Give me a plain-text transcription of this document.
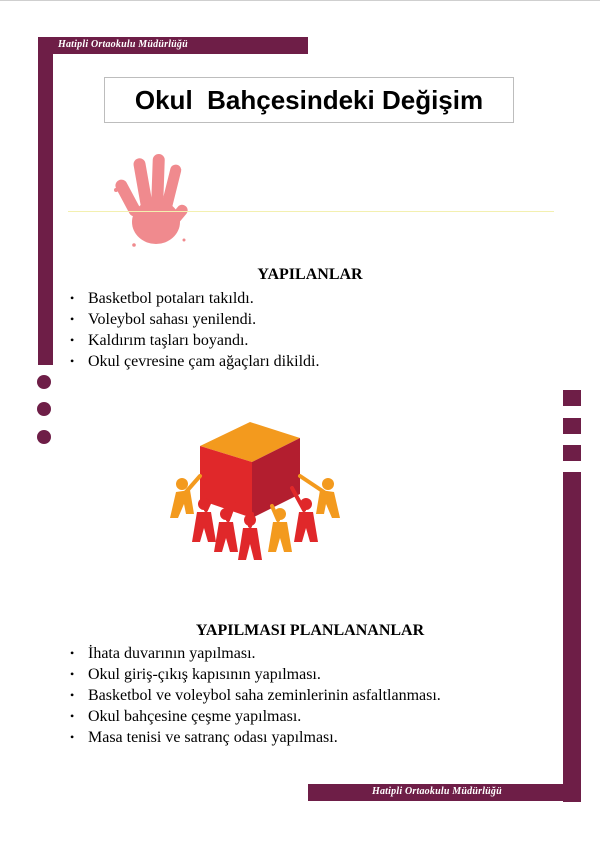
Hatipli Ortaokulu Müdürlüğü
Hatipli Ortaokulu Müdürlüğü
Okul  Bahçesindeki Değişim
YAPILANLAR
• Basketbol potaları takıldı.
• Voleybol sahası yenilendi.
• Kaldırım taşları boyandı.
• Okul çevresine çam ağaçları dikildi.
YAPILMASI PLANLANANLAR
• İhata duvarının yapılması.
• Okul giriş-çıkış kapısının yapılması.
• Basketbol ve voleybol saha zeminlerinin asfaltlanması.
• Okul bahçesine çeşme yapılması.
• Masa tenisi ve satranç odası yapılması.
